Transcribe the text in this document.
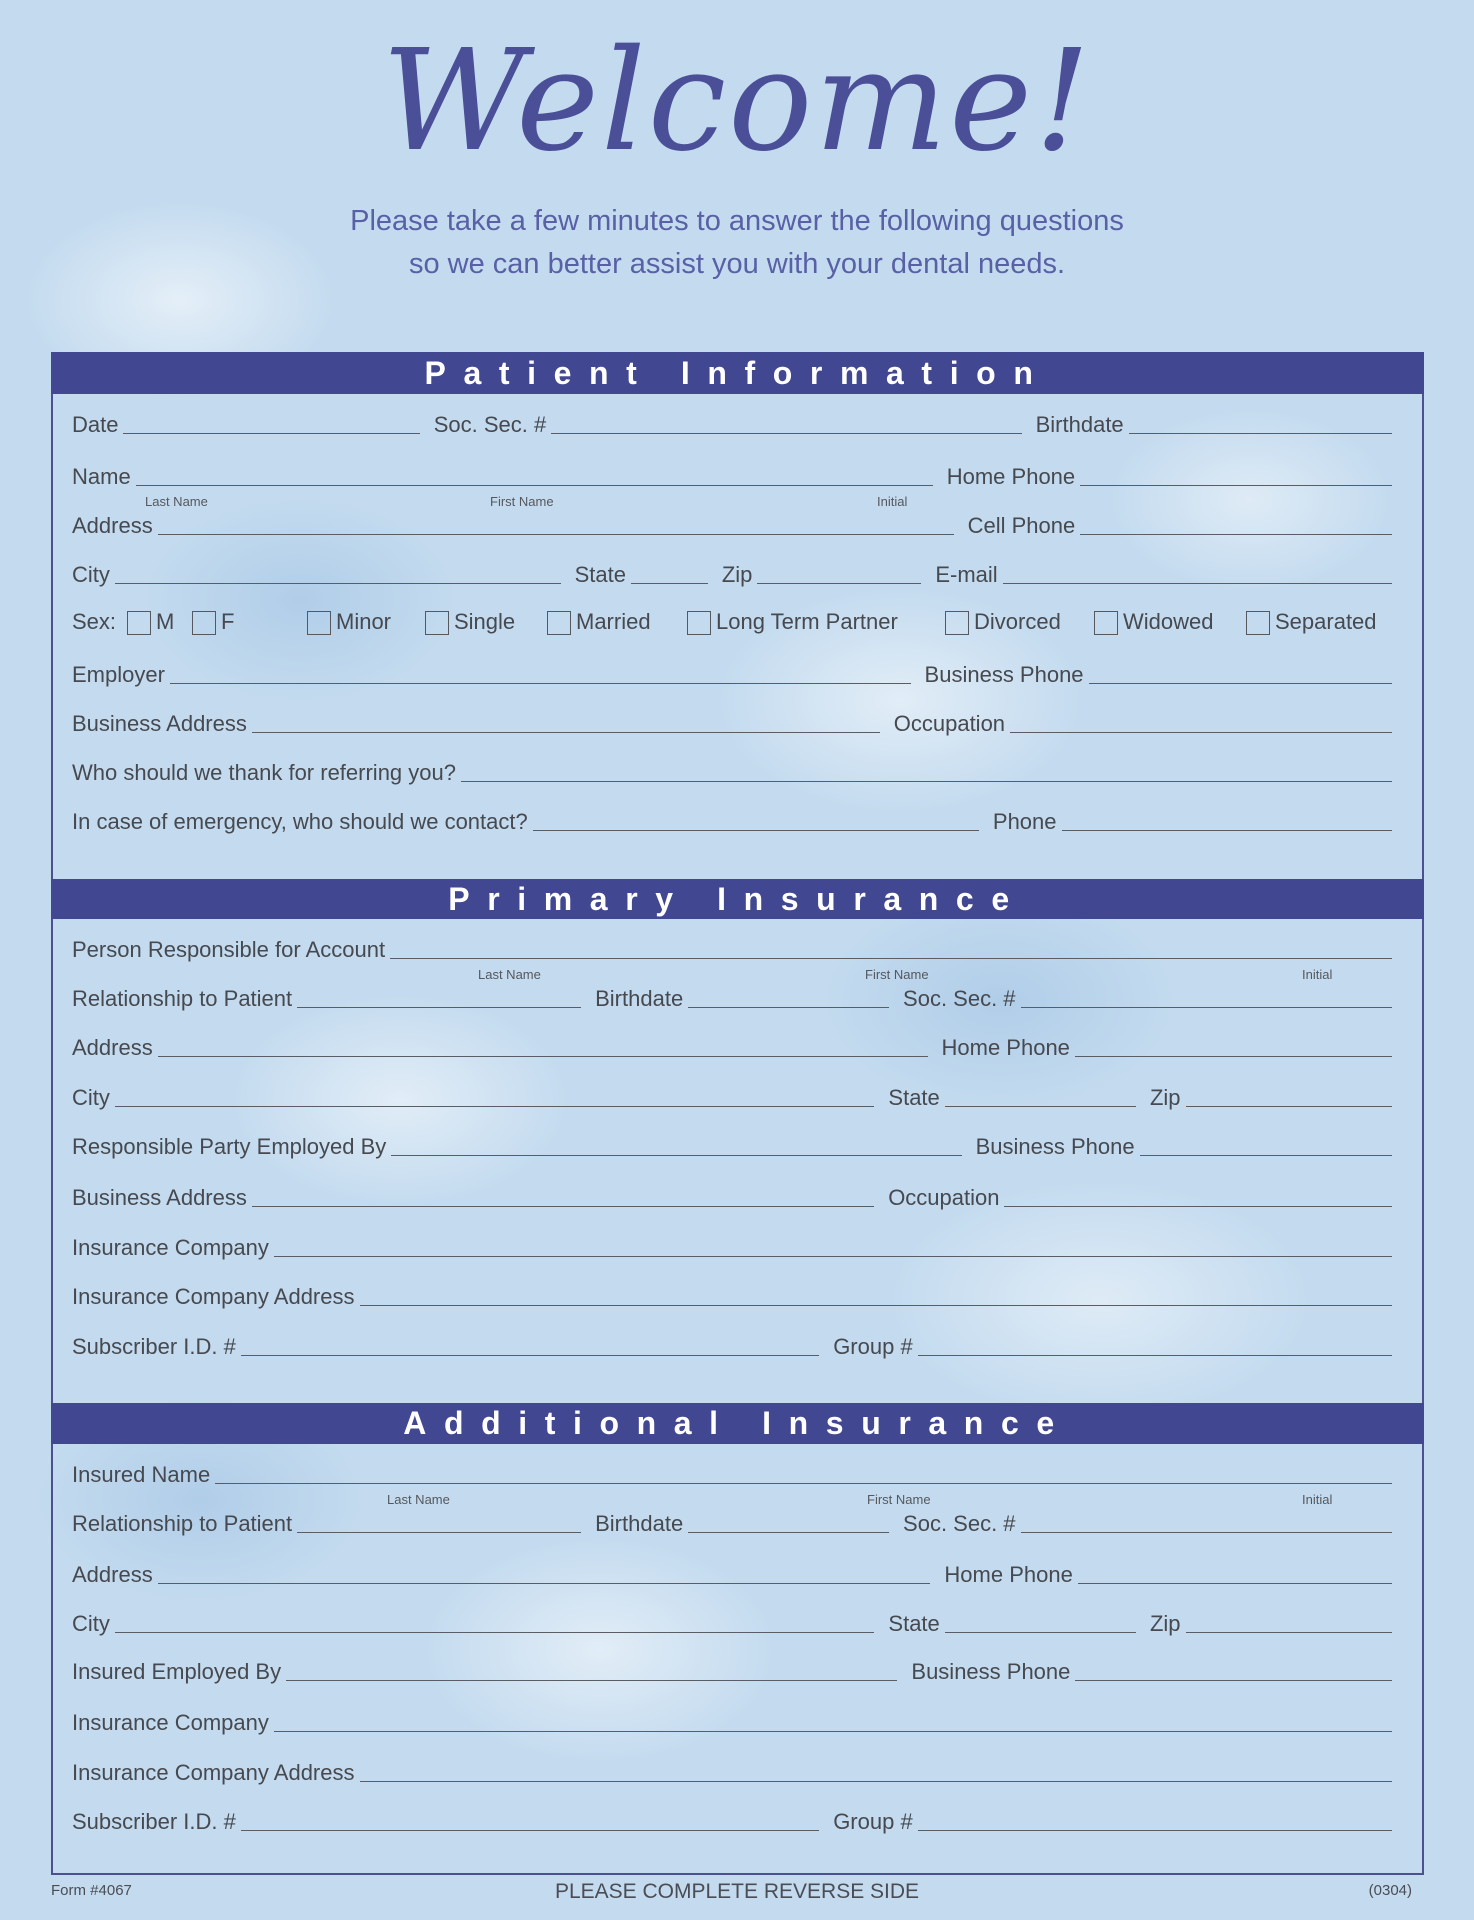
Welcome!
Please take a few minutes to answer the following questions
so we can better assist you with your dental needs.
Patient Information
Date	Soc. Sec. #	Birthdate
Name	Home Phone
Last Name	First Name	Initial
Address	Cell Phone
City	State	Zip	E-mail
Sex: M F	Minor	Single	Married	Long Term Partner	Divorced	Widowed	Separated
Employer	Business Phone
Business Address	Occupation
Who should we thank for referring you?
In case of emergency, who should we contact?	Phone
Primary Insurance
Person Responsible for Account
Last Name	First Name	Initial
Relationship to Patient	Birthdate	Soc. Sec. #
Address	Home Phone
City	State	Zip
Responsible Party Employed By	Business Phone
Business Address	Occupation
Insurance Company
Insurance Company Address
Subscriber I.D. #	Group #
Additional Insurance
Insured Name
Last Name	First Name	Initial
Relationship to Patient	Birthdate	Soc. Sec. #
Address	Home Phone
City	State	Zip
Insured Employed By	Business Phone
Insurance Company
Insurance Company Address
Subscriber I.D. #	Group #
Form #4067	PLEASE COMPLETE REVERSE SIDE	(0304)
